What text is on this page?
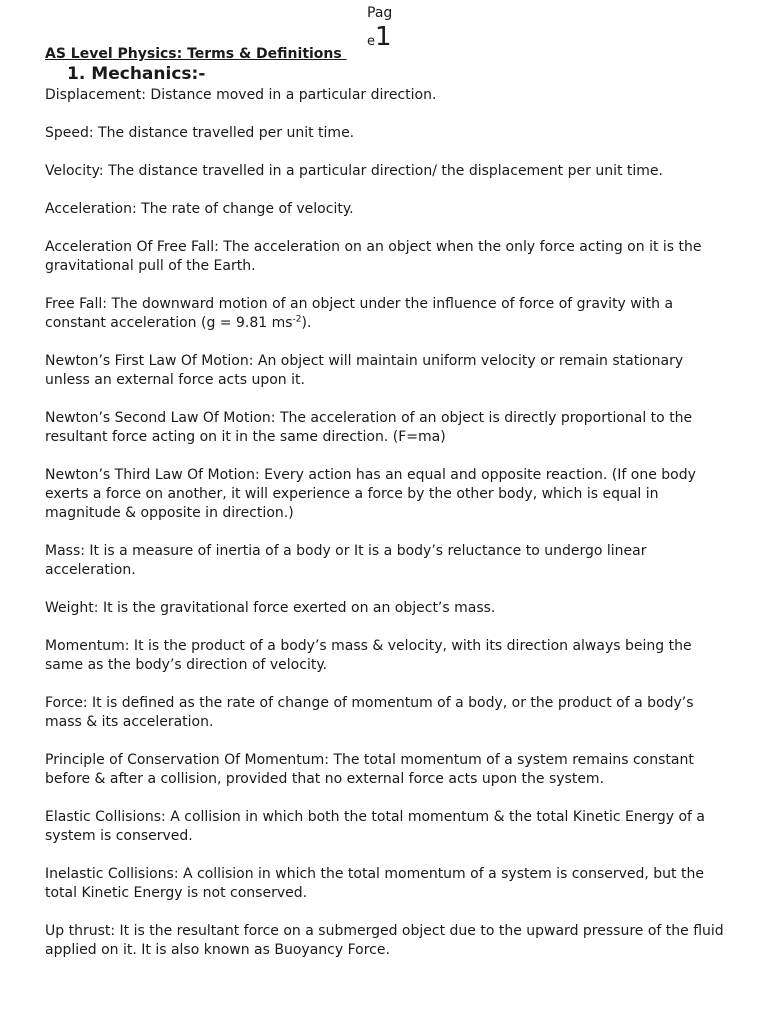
Pag
e1
AS Level Physics: Terms & Definitions
1. Mechanics:-
Displacement: Distance moved in a particular direction.
Speed: The distance travelled per unit time.
Velocity: The distance travelled in a particular direction/ the displacement per unit time.
Acceleration: The rate of change of velocity.
Acceleration Of Free Fall: The acceleration on an object when the only force acting on it is the gravitational pull of the Earth.
Free Fall: The downward motion of an object under the influence of force of gravity with a constant acceleration (g = 9.81 $ms^{-2}$).
Newton’s First Law Of Motion: An object will maintain uniform velocity or remain stationary unless an external force acts upon it.
Newton’s Second Law Of Motion: The acceleration of an object is directly proportional to the resultant force acting on it in the same direction. (F=ma)
Newton’s Third Law Of Motion: Every action has an equal and opposite reaction. (If one body exerts a force on another, it will experience a force by the other body, which is equal in magnitude & opposite in direction.)
Mass: It is a measure of inertia of a body or It is a body’s reluctance to undergo linear acceleration.
Weight: It is the gravitational force exerted on an object’s mass.
Momentum: It is the product of a body’s mass & velocity, with its direction always being the same as the body’s direction of velocity.
Force: It is defined as the rate of change of momentum of a body, or the product of a body’s mass & its acceleration.
Principle of Conservation Of Momentum: The total momentum of a system remains constant before & after a collision, provided that no external force acts upon the system.
Elastic Collisions: A collision in which both the total momentum & the total Kinetic Energy of a system is conserved.
Inelastic Collisions: A collision in which the total momentum of a system is conserved, but the total Kinetic Energy is not conserved.
Up thrust: It is the resultant force on a submerged object due to the upward pressure of the fluid applied on it. It is also known as Buoyancy Force.
